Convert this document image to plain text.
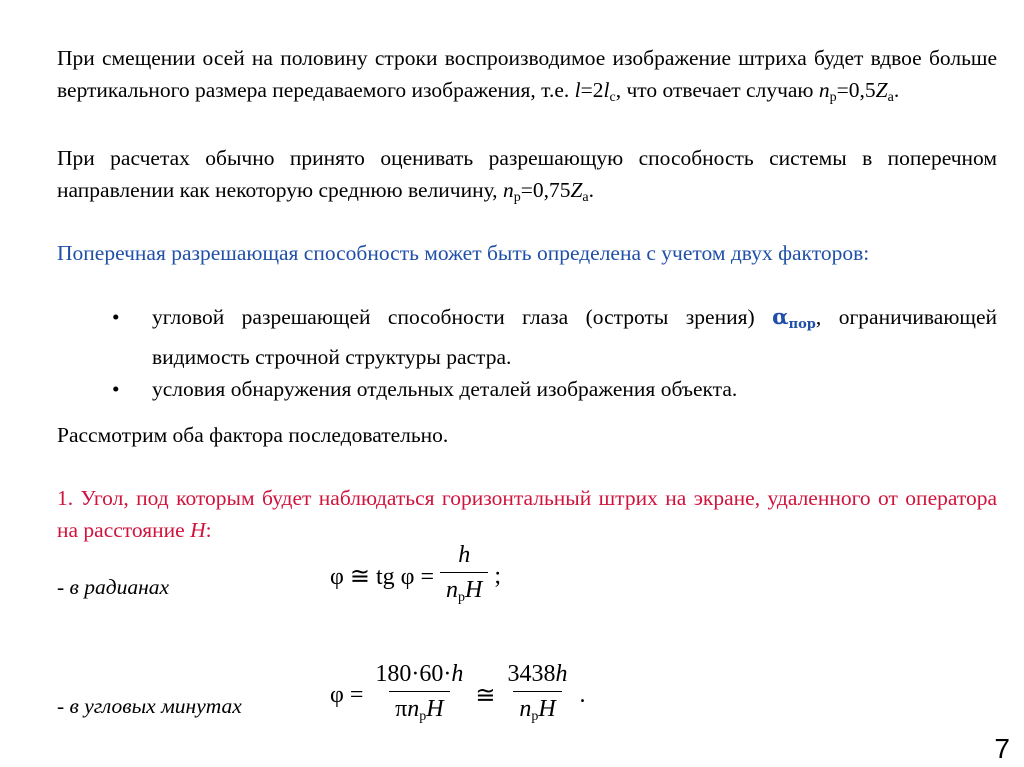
При смещении осей на половину строки воспроизводимое изображение штриха будет вдвое больше вертикального размера передаваемого изображения, т.е. $l=2l_c$, что отвечает случаю $n_p=0,5Z_a$.

При расчетах обычно принято оценивать разрешающую способность системы в поперечном направлении как некоторую среднюю величину, $n_p=0,75Z_a$.

Поперечная разрешающая способность может быть определена с учетом двух факторов:

• угловой разрешающей способности глаза (остроты зрения) αпор, ограничивающей видимость строчной структуры растра.
• условия обнаружения отдельных деталей изображения объекта.

Рассмотрим оба фактора последовательно.

1. Угол, под которым будет наблюдаться горизонтальный штрих на экране, удаленного от оператора на расстояние H:

- в радианах	φ ≅ tg $\varphi = \frac{h}{n_pH}$ ;
- в угловых минутах	$\varphi = \frac{180\cdot 60\cdot h}{\pi n_pH}$ ≅ $\frac{3438h}{n_pH}$ .
7
